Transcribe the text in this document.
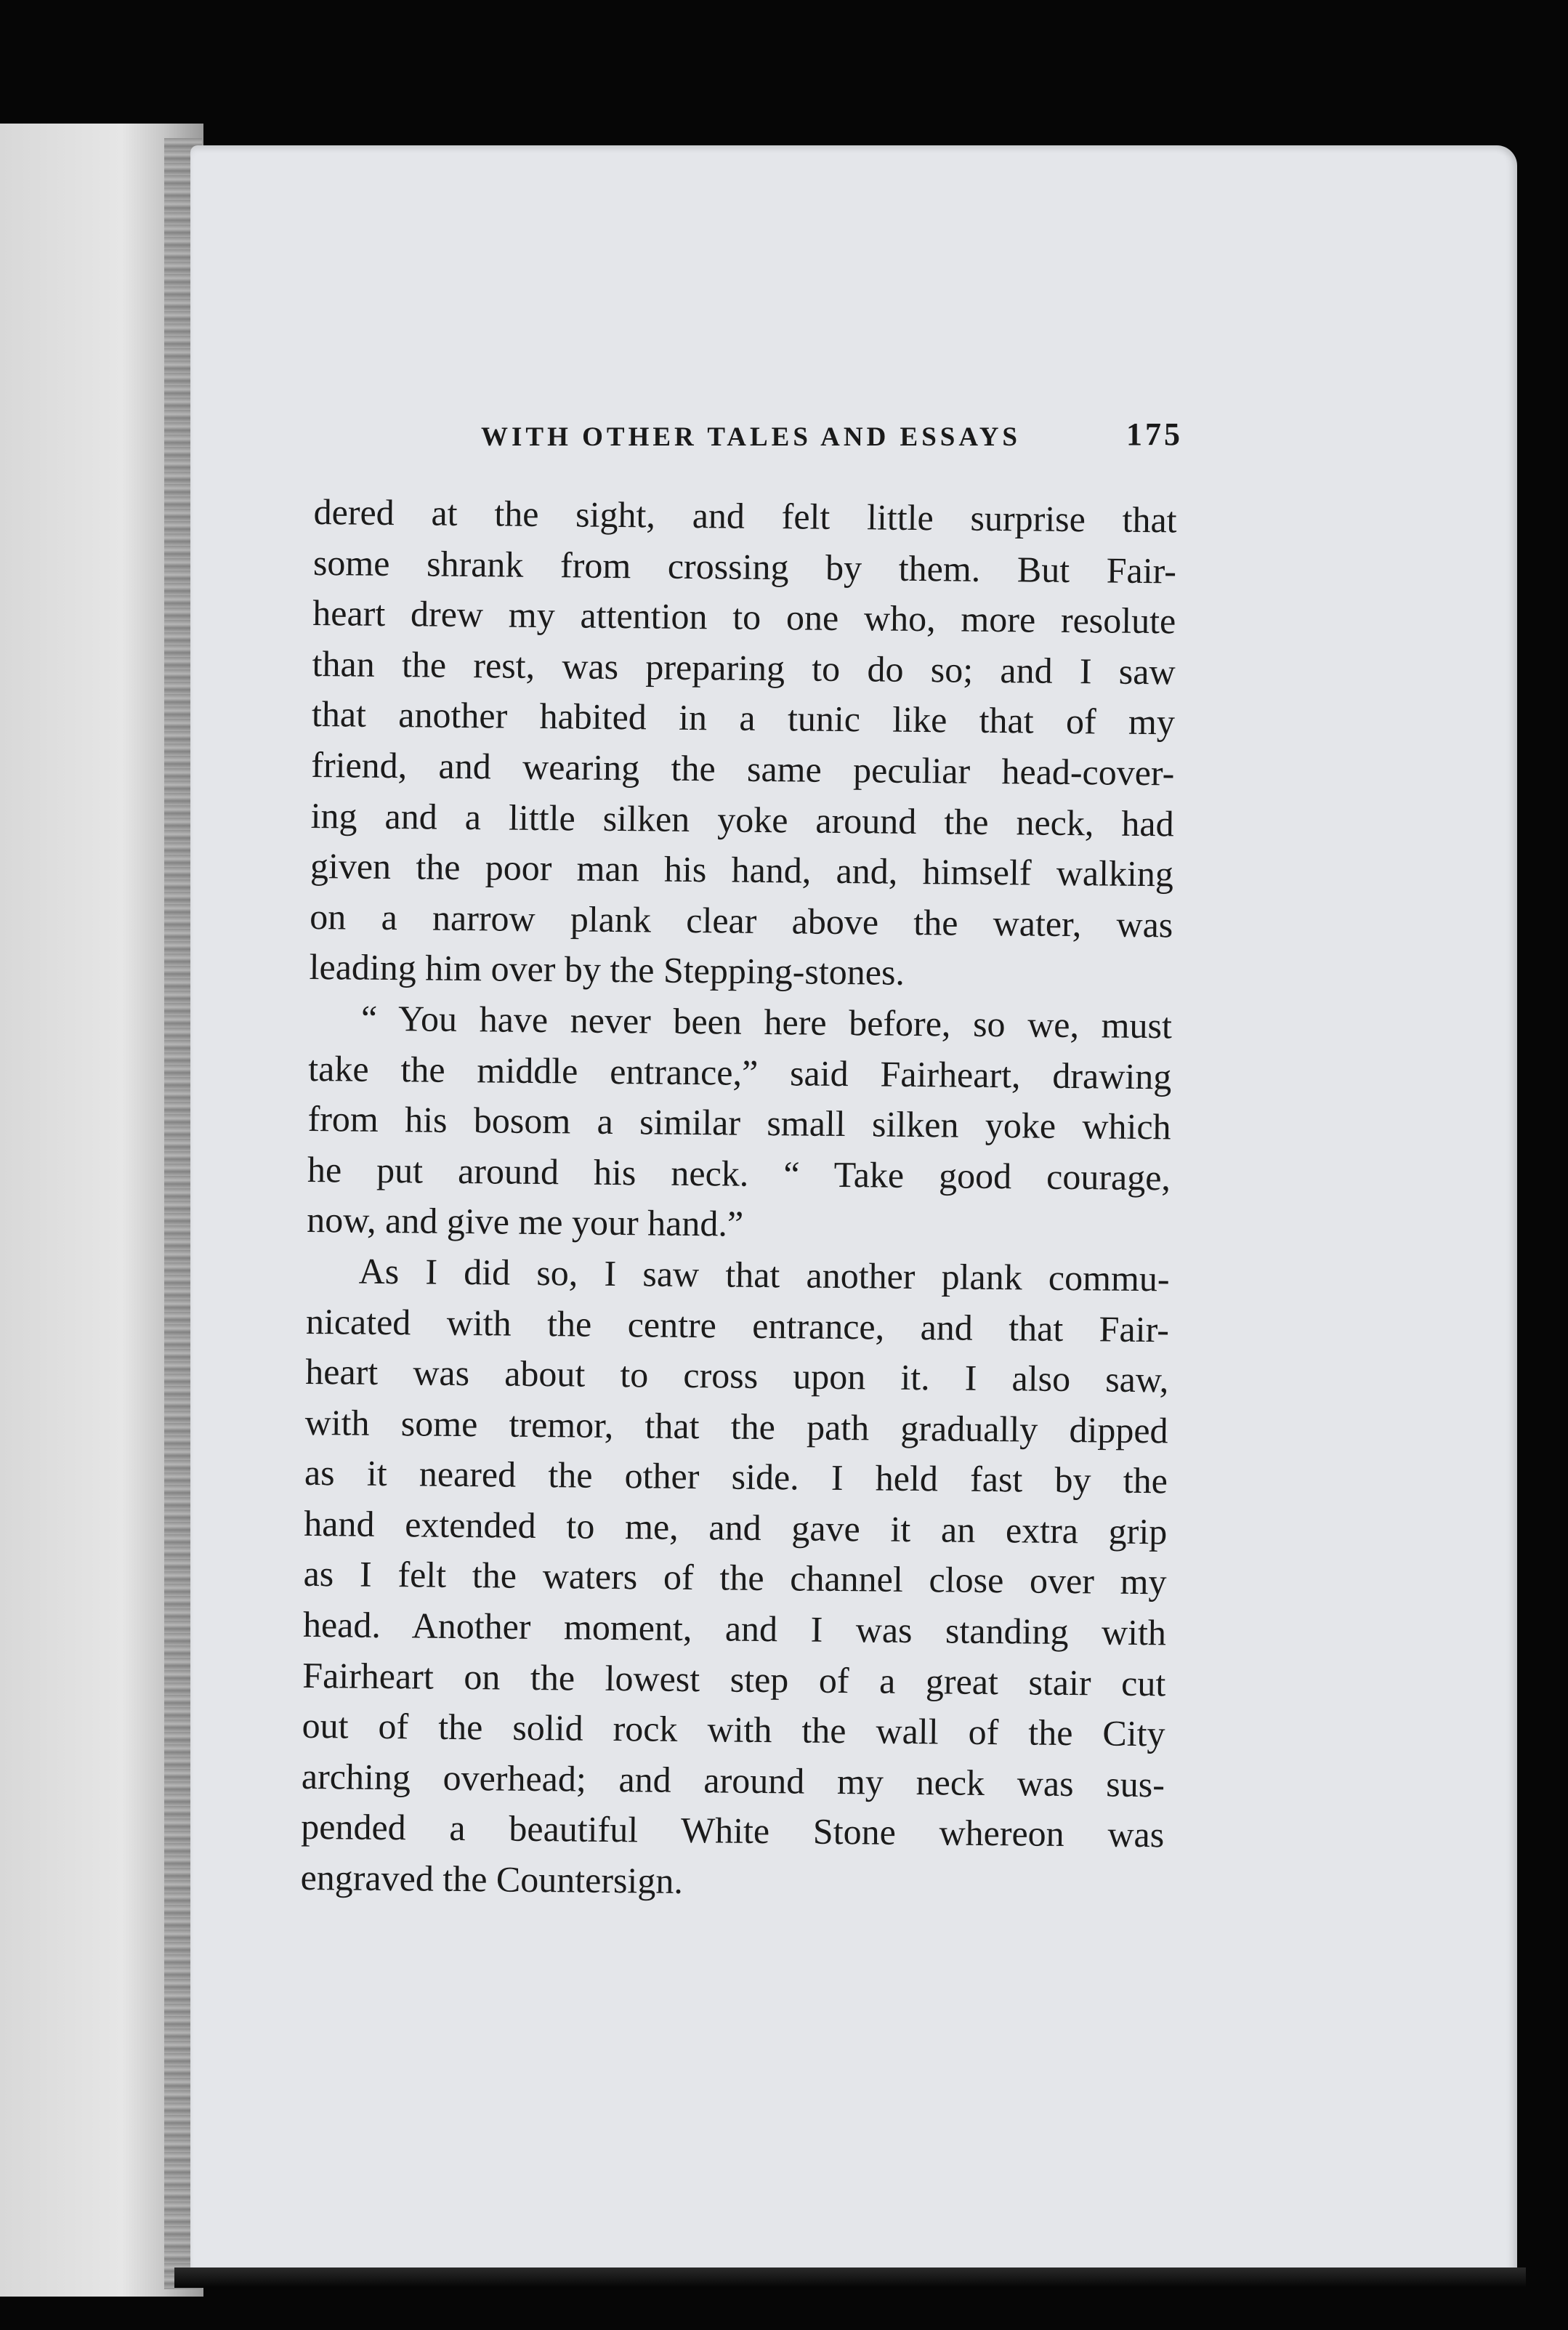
WITH OTHER TALES AND ESSAYS	175
dered at the sight, and felt little surprise that
some shrank from crossing by them. But Fair-
heart drew my attention to one who, more resolute
than the rest, was preparing to do so; and I saw
that another habited in a tunic like that of my
friend, and wearing the same peculiar head-cover-
ing and a little silken yoke around the neck, had
given the poor man his hand, and, himself walking
on a narrow plank clear above the water, was
leading him over by the Stepping-stones.
“ You have never been here before, so we, must
take the middle entrance,” said Fairheart, drawing
from his bosom a similar small silken yoke which
he put around his neck. “ Take good courage,
now, and give me your hand.”
As I did so, I saw that another plank commu-
nicated with the centre entrance, and that Fair-
heart was about to cross upon it. I also saw,
with some tremor, that the path gradually dipped
as it neared the other side. I held fast by the
hand extended to me, and gave it an extra grip
as I felt the waters of the channel close over my
head. Another moment, and I was standing with
Fairheart on the lowest step of a great stair cut
out of the solid rock with the wall of the City
arching overhead; and around my neck was sus-
pended a beautiful White Stone whereon was
engraved the Countersign.
